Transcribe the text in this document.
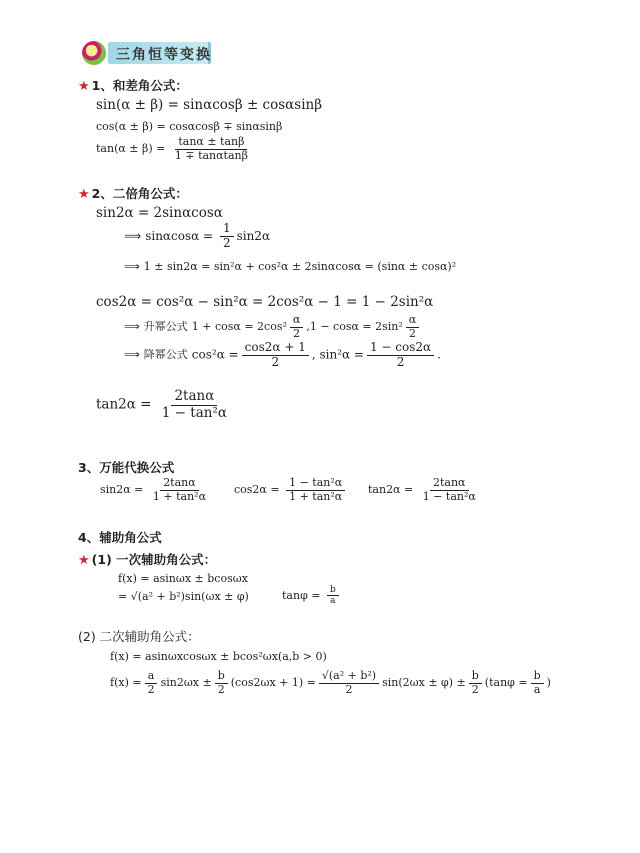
三角恒等变换
★ 1、和差角公式：
sin(α ± β) = sinαcosβ ± cosαsinβ
cos(α ± β) = cosαcosβ ∓ sinαsinβ
$\tan(\alpha \pm \beta) = \frac{\tan\alpha \pm \tan\beta}{1 \mp \tan\alpha\tan\beta}$
★ 2、二倍角公式：
sin2α = 2sinαcosα
⟹ $\sin\alpha\cos\alpha = \frac{1}{2} \sin 2\alpha$
⟹ 1 ± sin2α = sin²α + cos²α ± 2sinαcosα = (sinα ± cosα)²
cos2α = cos²α − sin²α = 2cos²α − 1 = 1 − 2sin²α
⟹ 升幂公式 $1 + \cos\alpha = 2\cos^2 \frac{\alpha}{2} ,1 - \cos\alpha = 2\sin^2 \frac{\alpha}{2}$
⟹ 降幂公式 $\cos^2\alpha = \frac{\cos 2\alpha + 1}{2}$ , $\sin^2\alpha = \frac{1 - \cos 2\alpha}{2}$ .
$\tan 2\alpha = \frac{2\tan\alpha}{\text{1 − tan²α}}$
3、万能代换公式
$\sin 2\alpha = \frac{2\tan\alpha}{\text{1 + tan²α}} \cos 2\alpha = \frac{\text{1 − tan²α}}{\text{1 + tan²α}} \tan 2\alpha = \frac{2\tan\alpha}{\text{1 − tan²α}}$
4、辅助角公式
★ (1) 一次辅助角公式：
f(x) = asinωx ± bcosωx
= √(a² + b²)sin(ωx ± φ)	$\tan\varphi = \frac{b}{a}$
(2) 二次辅助角公式：
f(x) = asinωxcosωx ± bcos²ωx(a,b > 0)
$f(x) = \frac{a}{2} \sin 2\omega x \pm \frac{b}{2} (\cos 2\omega x + 1) = \frac{\text{√(a² + b²)}}{2} \sin(2\omega x \pm \varphi) \pm \frac{b}{2} (\tan\varphi = \frac{b}{a}$ )
